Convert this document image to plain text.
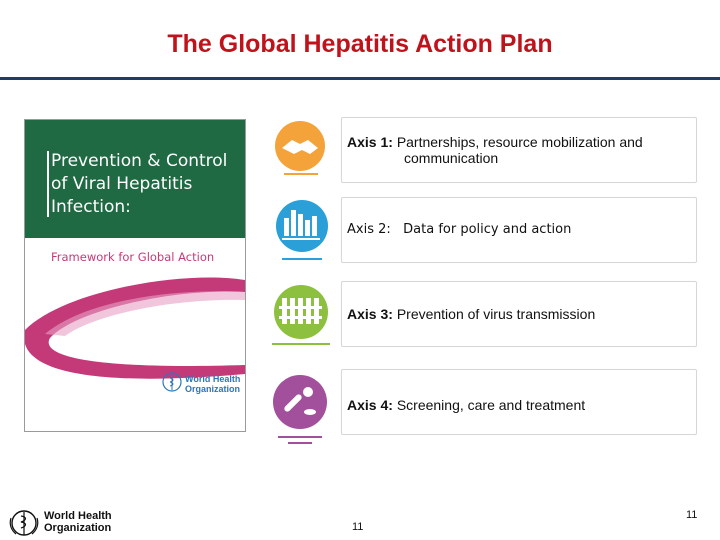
The Global Hepatitis Action Plan
Prevention & Control
of Viral Hepatitis
Infection:
Framework for Global Action
World Health
Organization
Axis 1: Partnerships, resource mobilization and
communication
Axis 2: Data for policy and action
Axis 3: Prevention of virus transmission
Axis 4: Screening, care and treatment
World Health
Organization	11
11
